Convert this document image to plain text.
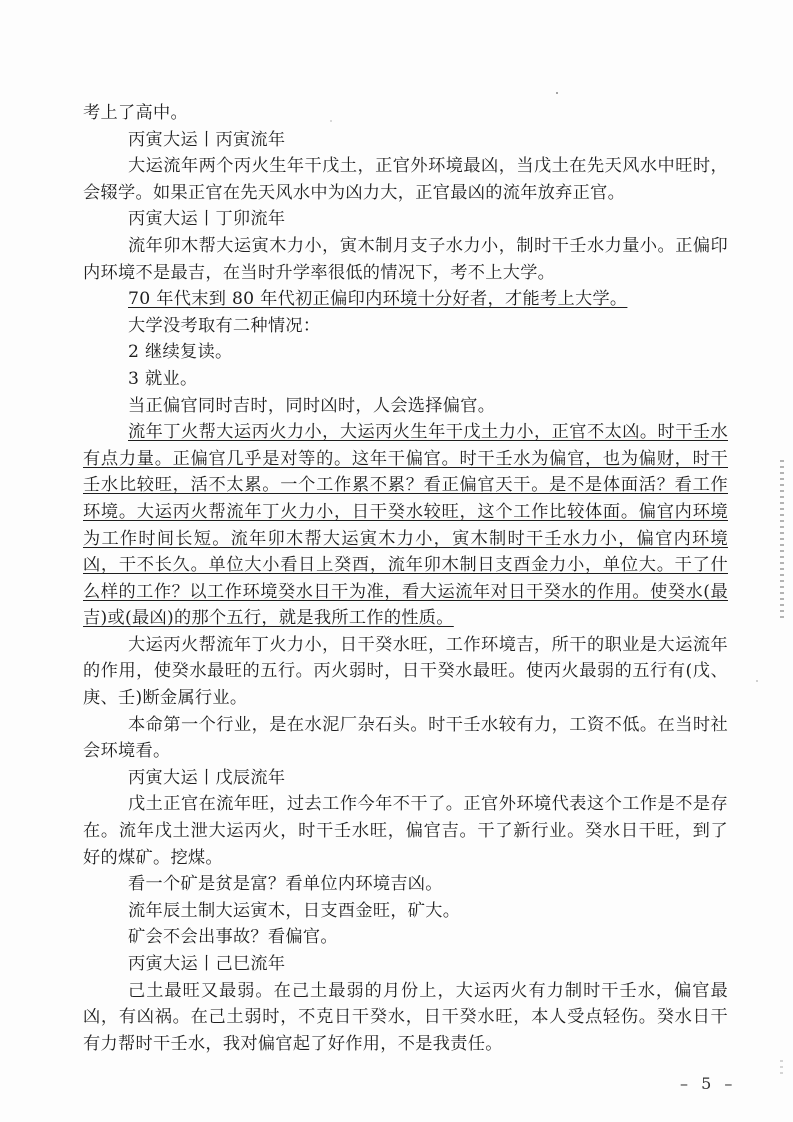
考上了高中。

丙寅大运丨丙寅流年

大运流年两个丙火生年干戊土，正官外环境最凶，当戊土在先天风水中旺时，会辍学。如果正官在先天风水中为凶力大，正官最凶的流年放弃正官。

丙寅大运丨丁卯流年

流年卯木帮大运寅木力小，寅木制月支子水力小，制时干壬水力量小。正偏印内环境不是最吉，在当时升学率很低的情况下，考不上大学。

70 年代末到 80 年代初正偏印内环境十分好者，才能考上大学。

大学没考取有二种情况：

2 继续复读。

3 就业。

当正偏官同时吉时，同时凶时，人会选择偏官。

流年丁火帮大运丙火力小，大运丙火生年干戊土力小，正官不太凶。时干壬水有点力量。正偏官几乎是对等的。这年干偏官。时干壬水为偏官，也为偏财，时干壬水比较旺，活不太累。一个工作累不累？看正偏官天干。是不是体面活？看工作环境。大运丙火帮流年丁火力小，日干癸水较旺，这个工作比较体面。偏官内环境为工作时间长短。流年卯木帮大运寅木力小，寅木制时干壬水力小，偏官内环境凶，干不长久。单位大小看日上癸酉，流年卯木制日支酉金力小，单位大。干了什么样的工作？以工作环境癸水日干为准，看大运流年对日干癸水的作用。使癸水(最吉)或(最凶)的那个五行，就是我所工作的性质。

大运丙火帮流年丁火力小，日干癸水旺，工作环境吉，所干的职业是大运流年的作用，使癸水最旺的五行。丙火弱时，日干癸水最旺。使丙火最弱的五行有(戊、庚、壬)断金属行业。

本命第一个行业，是在水泥厂杂石头。时干壬水较有力，工资不低。在当时社会环境看。

丙寅大运丨戊辰流年

戊土正官在流年旺，过去工作今年不干了。正官外环境代表这个工作是不是存在。流年戊土泄大运丙火，时干壬水旺，偏官吉。干了新行业。癸水日干旺，到了好的煤矿。挖煤。

看一个矿是贫是富？看单位内环境吉凶。

流年辰土制大运寅木，日支酉金旺，矿大。

矿会不会出事故？看偏官。

丙寅大运丨己巳流年

己土最旺又最弱。在己土最弱的月份上，大运丙火有力制时干壬水，偏官最凶，有凶祸。在己土弱时，不克日干癸水，日干癸水旺，本人受点轻伤。癸水日干有力帮时干壬水，我对偏官起了好作用，不是我责任。

– 5 –
